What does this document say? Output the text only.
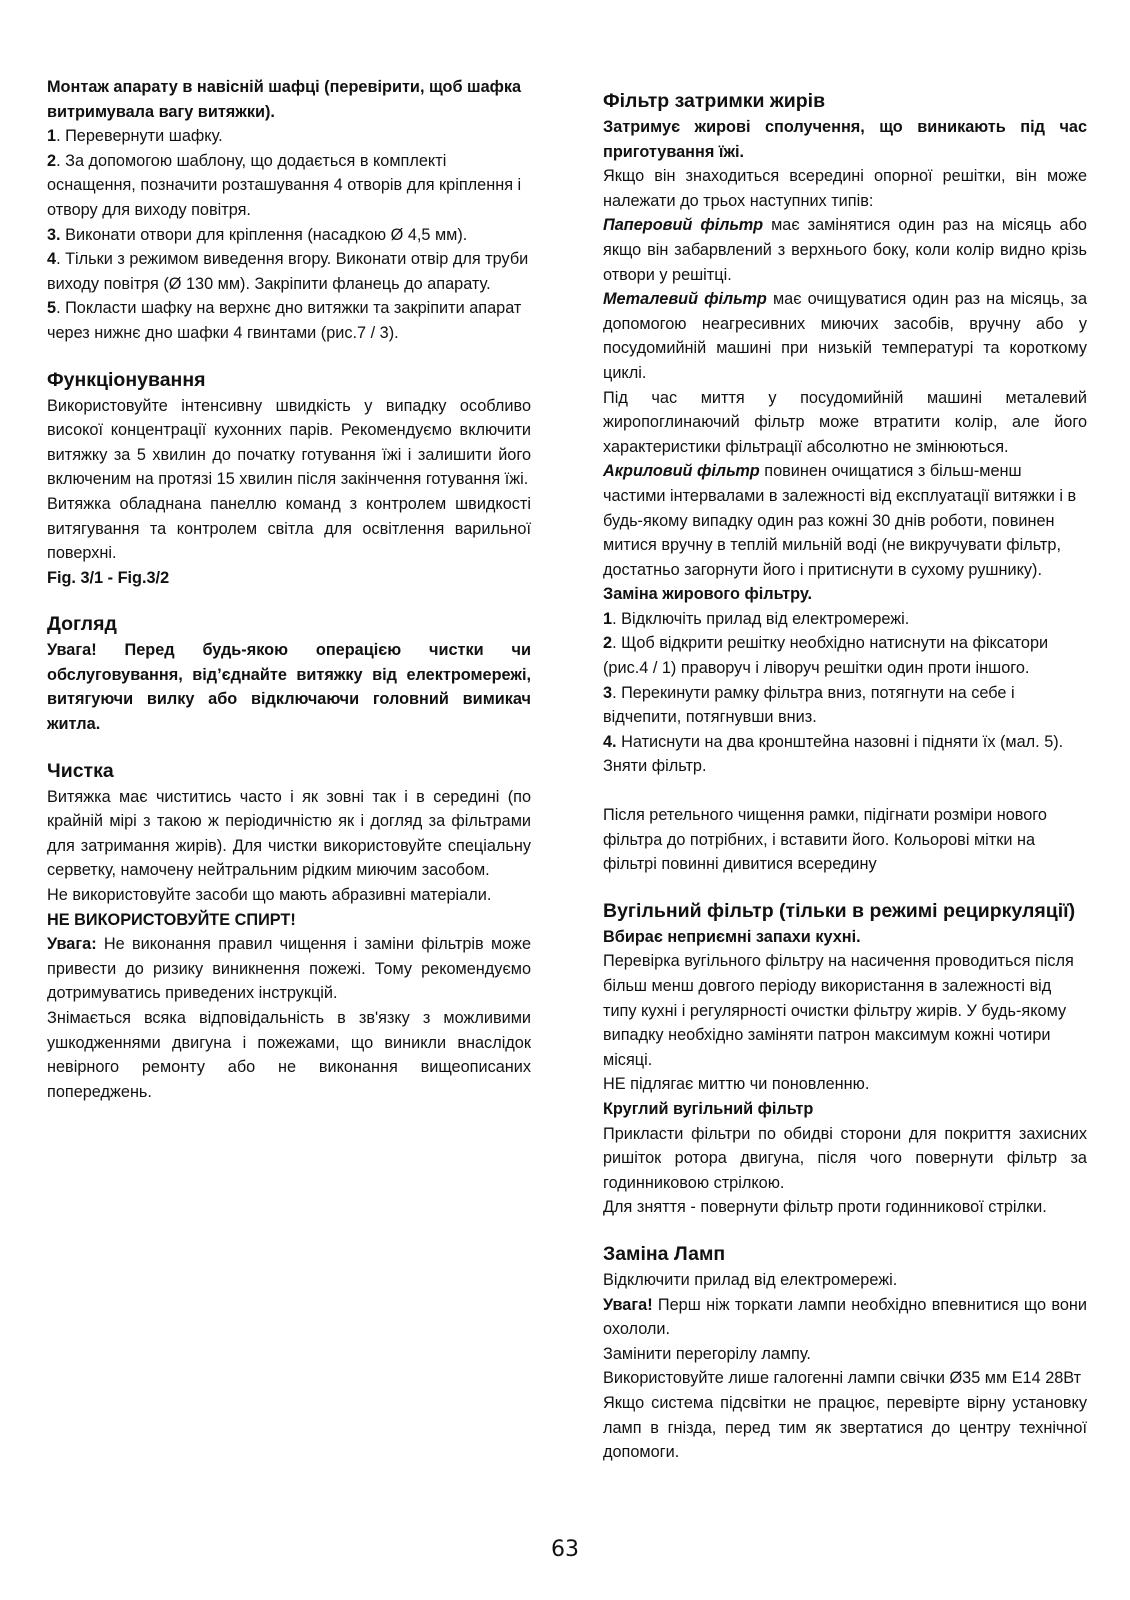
Монтаж апарату в навісній шафці (перевірити, щоб шафка витримувала вагу витяжки).

1. Перевернути шафку.

2. За допомогою шаблону, що додається в комплекті оснащення, позначити розташування 4 отворів для кріплення і отвору для виходу повітря.

3. Виконати отвори для кріплення (насадкою Ø 4,5 мм).

4. Тільки з режимом виведення вгору. Виконати отвір для труби виходу повітря (Ø 130 мм). Закріпити фланець до апарату.

5. Покласти шафку на верхнє дно витяжки та закріпити апарат через нижнє дно шафки 4 гвинтами (рис.7 / 3).

Функціонування

Використовуйте інтенсивну швидкість у випадку особливо високої концентрації кухонних парів. Рекомендуємо включити витяжку за 5 хвилин до початку готування їжі і залишити його включеним на протязі 15 хвилин після закінчення готування їжі.

Витяжка обладнана панеллю команд з контролем швидкості витягування та контролем світла для освітлення варильної поверхні.

Fig. 3/1 - Fig.3/2

Догляд

Увага! Перед будь-якою операцією чистки чи обслуговування, від’єднайте витяжку від електромережі, витягуючи вилку або відключаючи головний вимикач житла.

Чистка

Витяжка має чиститись часто і як зовні так і в середині (по крайній мірі з такою ж періодичністю як і догляд за фільтрами для затримання жирів). Для чистки використовуйте спеціальну серветку, намочену нейтральним рідким миючим засобом.

Не використовуйте засоби що мають абразивні матеріали.

НЕ ВИКОРИСТОВУЙТЕ СПИРТ!

Увага: Не виконання правил чищення і заміни фільтрів може привести до ризику виникнення пожежі. Тому рекомендуємо дотримуватись приведених інструкцій.

Знімається всяка відповідальність в зв'язку з можливими ушкодженнями двигуна і пожежами, що виникли внаслідок невірного ремонту або не виконання вищеописаних попереджень.

Фільтр затримки жирів

Затримує жирові сполучення, що виникають під час приготування їжі.

Якщо він знаходиться всередині опорної решітки, він може належати до трьох наступних типів:

Паперовий фільтр має замінятися один раз на місяць або якщо він забарвлений з верхнього боку, коли колір видно крізь отвори у решітці.

Металевий фільтр має очищуватися один раз на місяць, за допомогою неагресивних миючих засобів, вручну або у посудомийній машині при низькій температурі та короткому циклі.

Під час миття у посудомийній машині металевий жиропоглинаючий фільтр може втратити колір, але його характеристики фільтрації абсолютно не змінюються.

Акриловий фільтр повинен очищатися з більш-менш частими інтервалами в залежності від експлуатації витяжки і в будь-якому випадку один раз кожні 30 днів роботи, повинен митися вручну в теплій мильній воді (не викручувати фільтр, достатньо загорнути його і притиснути в сухому рушнику).

Заміна жирового фільтру.

1. Відключіть прилад від електромережі.

2. Щоб відкрити решітку необхідно натиснути на фіксатори (рис.4 / 1) праворуч і ліворуч решітки один проти іншого.

3. Перекинути рамку фільтра вниз, потягнути на себе і відчепити, потягнувши вниз.

4. Натиснути на два кронштейна назовні і підняти їх (мал. 5). Зняти фільтр.

Після ретельного чищення рамки, підігнати розміри нового фільтра до потрібних, і вставити його. Кольорові мітки на фільтрі повинні дивитися всередину

Вугільний фільтр (тільки в режимі рециркуляції)

Вбирає неприємні запахи кухні.

Перевірка вугільного фільтру на насичення проводиться після більш менш довгого періоду використання в залежності від типу кухні і регулярності очистки фільтру жирів. У будь-якому випадку необхідно заміняти патрон максимум кожні чотири місяці.

НЕ підлягає миттю чи поновленню.

Круглий вугільний фільтр

Прикласти фільтри по обидві сторони для покриття захисних ришіток ротора двигуна, після чого повернути фільтр за годинниковою стрілкою.

Для зняття - повернути фільтр проти годинникової стрілки.

Заміна Ламп

Відключити прилад від електромережі.

Увага! Перш ніж торкати лампи необхідно впевнитися що вони охололи.

Замінити перегорілу лампу.

Використовуйте лише галогенні лампи свічки Ø35 мм E14 28Вт

Якщо система підсвітки не працює, перевірте вірну установку ламп в гнізда, перед тим як звертатися до центру технічної допомоги.

63
